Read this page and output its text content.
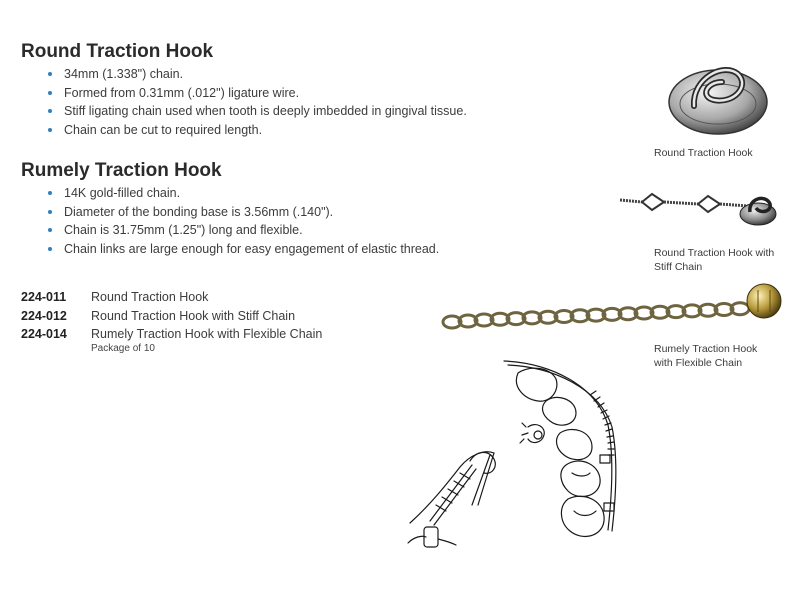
Round Traction Hook
34mm (1.338") chain.
Formed from 0.31mm (.012") ligature wire.
Stiff ligating chain used when tooth is deeply imbedded in gingival tissue.
Chain can be cut to required length.
Rumely Traction Hook
14K gold-filled chain.
Diameter of the bonding base is 3.56mm (.140").
Chain is 31.75mm (1.25") long and flexible.
Chain links are large enough for easy engagement of elastic thread.
224-011	Round Traction Hook
224-012	Round Traction Hook with Stiff Chain
224-014	Rumely Traction Hook with Flexible Chain
Package of 10
Round Traction Hook
Round Traction Hook with
Stiff Chain
Rumely Traction Hook
with Flexible Chain
